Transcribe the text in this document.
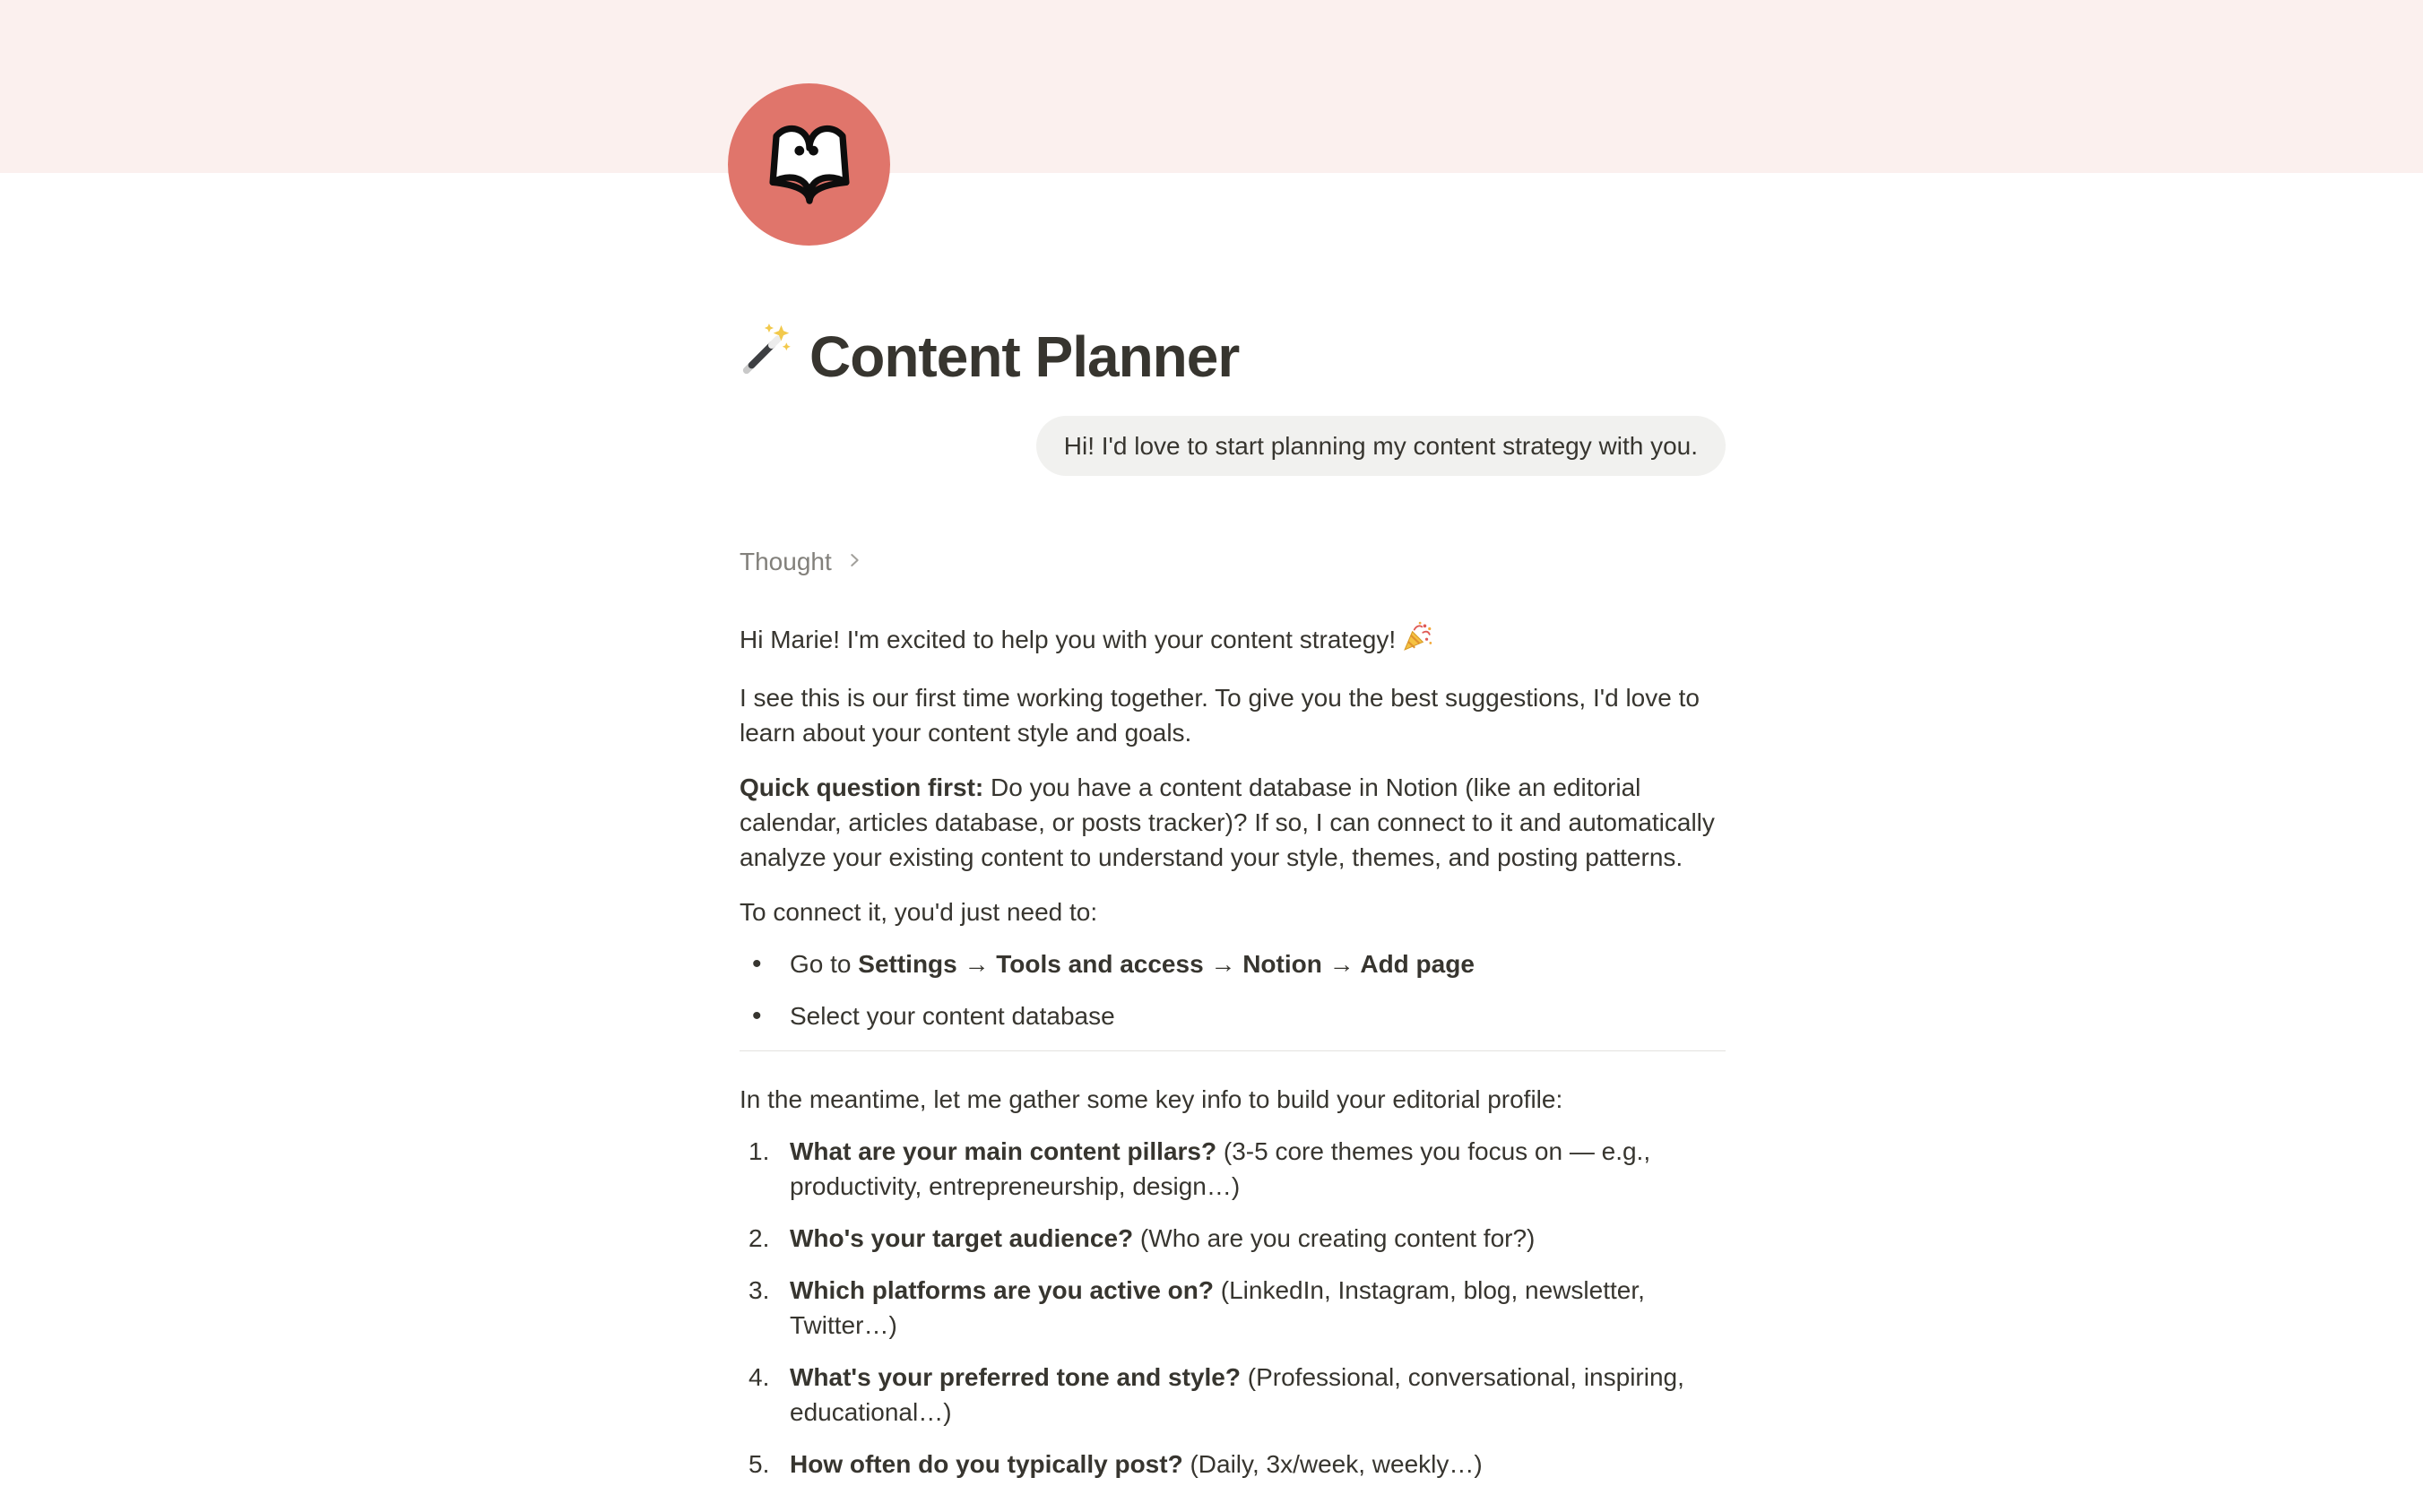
Content Planner
Hi! I'd love to start planning my content strategy with you.
Thought
Hi Marie! I'm excited to help you with your content strategy!
I see this is our first time working together. To give you the best suggestions, I'd love to learn about your content style and goals.
Quick question first: Do you have a content database in Notion (like an editorial calendar, articles database, or posts tracker)? If so, I can connect to it and automatically analyze your existing content to understand your style, themes, and posting patterns.
To connect it, you'd just need to:
•	Go to Settings → Tools and access → Notion → Add page
•	Select your content database
In the meantime, let me gather some key info to build your editorial profile:
1. What are your main content pillars? (3-5 core themes you focus on — e.g., productivity, entrepreneurship, design…)
2. Who's your target audience? (Who are you creating content for?)
3. Which platforms are you active on? (LinkedIn, Instagram, blog, newsletter, Twitter…)
4. What's your preferred tone and style? (Professional, conversational, inspiring, educational…)
5. How often do you typically post? (Daily, 3x/week, weekly…)
